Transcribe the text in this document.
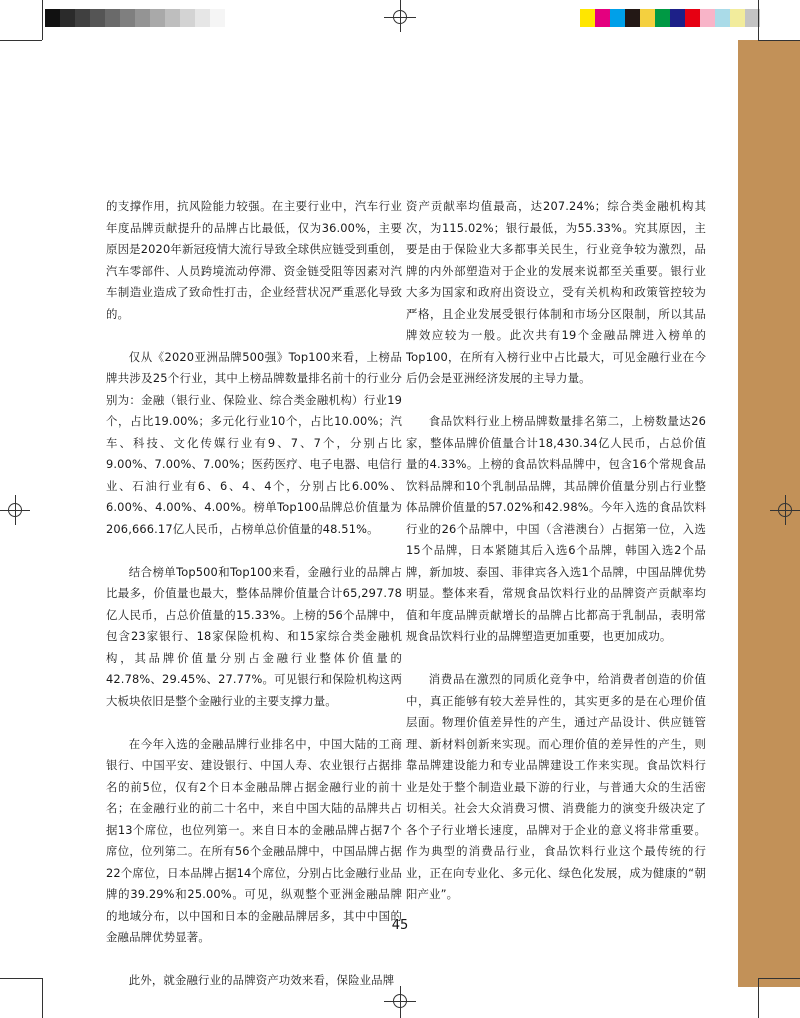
的支撑作用，抗风险能力较强。在主要行业中，汽车行业年度品牌贡献提升的品牌占比最低，仅为36.00%，主要原因是2020年新冠疫情大流行导致全球供应链受到重创，汽车零部件、人员跨境流动停滞、资金链受阻等因素对汽车制造业造成了致命性打击，企业经营状况严重恶化导致的。

仅从《2020亚洲品牌500强》Top100来看，上榜品牌共涉及25个行业，其中上榜品牌数量排名前十的行业分别为：金融（银行业、保险业、综合类金融机构）行业19个，占比19.00%；多元化行业10个，占比10.00%；汽车、科技、文化传媒行业有9、7、7个，分别占比9.00%、7.00%、7.00%；医药医疗、电子电器、电信行业、石油行业有6、6、4、4个，分别占比6.00%、6.00%、4.00%、4.00%。榜单Top100品牌总价值量为206,666.17亿人民币，占榜单总价值量的48.51%。

结合榜单Top500和Top100来看，金融行业的品牌占比最多，价值量也最大，整体品牌价值量合计65,297.78亿人民币，占总价值量的15.33%。上榜的56个品牌中，包含23家银行、18家保险机构、和15家综合类金融机构，其品牌价值量分别占金融行业整体价值量的42.78%、29.45%、27.77%。可见银行和保险机构这两大板块依旧是整个金融行业的主要支撑力量。

在今年入选的金融品牌行业排名中，中国大陆的工商银行、中国平安、建设银行、中国人寿、农业银行占据排名的前5位，仅有2个日本金融品牌占据金融行业的前十名；在金融行业的前二十名中，来自中国大陆的品牌共占据13个席位，也位列第一。来自日本的金融品牌占据7个席位，位列第二。在所有56个金融品牌中，中国品牌占据22个席位，日本品牌占据14个席位，分别占比金融行业品牌的39.29%和25.00%。可见，纵观整个亚洲金融品牌的地域分布，以中国和日本的金融品牌居多，其中中国的金融品牌优势显著。

此外，就金融行业的品牌资产功效来看，保险业品牌

资产贡献率均值最高，达207.24%；综合类金融机构其次，为115.02%；银行最低，为55.33%。究其原因，主要是由于保险业大多都事关民生，行业竞争较为激烈，品牌的内外部塑造对于企业的发展来说都至关重要。银行业大多为国家和政府出资设立，受有关机构和政策管控较为严格，且企业发展受银行体制和市场分区限制，所以其品牌效应较为一般。此次共有19个金融品牌进入榜单的Top100，在所有入榜行业中占比最大，可见金融行业在今后仍会是亚洲经济发展的主导力量。

食品饮料行业上榜品牌数量排名第二，上榜数量达26家，整体品牌价值量合计18,430.34亿人民币，占总价值量的4.33%。上榜的食品饮料品牌中，包含16个常规食品饮料品牌和10个乳制品品牌，其品牌价值量分别占行业整体品牌价值量的57.02%和42.98%。今年入选的食品饮料行业的26个品牌中，中国（含港澳台）占据第一位，入选15个品牌，日本紧随其后入选6个品牌，韩国入选2个品牌，新加坡、泰国、菲律宾各入选1个品牌，中国品牌优势明显。整体来看，常规食品饮料行业的品牌资产贡献率均值和年度品牌贡献增长的品牌占比都高于乳制品，表明常规食品饮料行业的品牌塑造更加重要，也更加成功。

消费品在激烈的同质化竞争中，给消费者创造的价值中，真正能够有较大差异性的，其实更多的是在心理价值层面。物理价值差异性的产生，通过产品设计、供应链管理、新材料创新来实现。而心理价值的差异性的产生，则靠品牌建设能力和专业品牌建设工作来实现。食品饮料行业是处于整个制造业最下游的行业，与普通大众的生活密切相关。社会大众消费习惯、消费能力的演变升级决定了各个子行业增长速度，品牌对于企业的意义将非常重要。作为典型的消费品行业，食品饮料行业这个最传统的行业，正在向专业化、多元化、绿色化发展，成为健康的“朝阳产业”。

45
